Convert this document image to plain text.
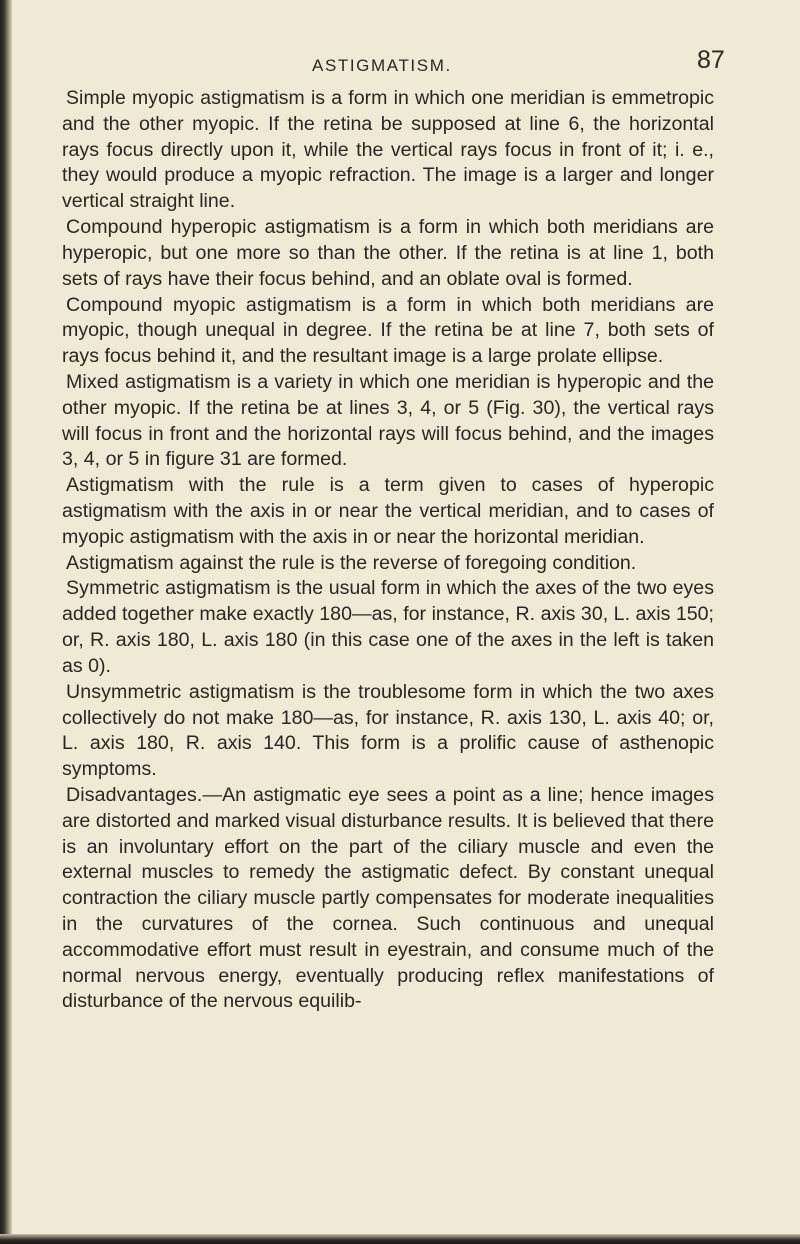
ASTIGMATISM.	87

Simple myopic astigmatism is a form in which one meridian is emmetropic and the other myopic. If the retina be supposed at line 6, the horizontal rays focus directly upon it, while the vertical rays focus in front of it; i. e., they would produce a myopic refraction. The image is a larger and longer vertical straight line.

Compound hyperopic astigmatism is a form in which both meridians are hyperopic, but one more so than the other. If the retina is at line 1, both sets of rays have their focus behind, and an oblate oval is formed.

Compound myopic astigmatism is a form in which both meridians are myopic, though unequal in degree. If the retina be at line 7, both sets of rays focus behind it, and the resultant image is a large prolate ellipse.

Mixed astigmatism is a variety in which one meridian is hyperopic and the other myopic. If the retina be at lines 3, 4, or 5 (Fig. 30), the vertical rays will focus in front and the horizontal rays will focus behind, and the images 3, 4, or 5 in figure 31 are formed.

Astigmatism with the rule is a term given to cases of hyperopic astigmatism with the axis in or near the vertical meridian, and to cases of myopic astigmatism with the axis in or near the horizontal meridian.

Astigmatism against the rule is the reverse of foregoing condition.

Symmetric astigmatism is the usual form in which the axes of the two eyes added together make exactly 180—as, for instance, R. axis 30, L. axis 150; or, R. axis 180, L. axis 180 (in this case one of the axes in the left is taken as 0).

Unsymmetric astigmatism is the troublesome form in which the two axes collectively do not make 180—as, for instance, R. axis 130, L. axis 40; or, L. axis 180, R. axis 140. This form is a prolific cause of asthenopic symptoms.

Disadvantages.—An astigmatic eye sees a point as a line; hence images are distorted and marked visual disturbance results. It is believed that there is an involuntary effort on the part of the ciliary muscle and even the external muscles to remedy the astigmatic defect. By constant unequal contraction the ciliary muscle partly compensates for moderate inequalities in the curvatures of the cornea. Such continuous and unequal accommodative effort must result in eyestrain, and consume much of the normal nervous energy, eventually producing reflex manifestations of disturbance of the nervous equilib-
